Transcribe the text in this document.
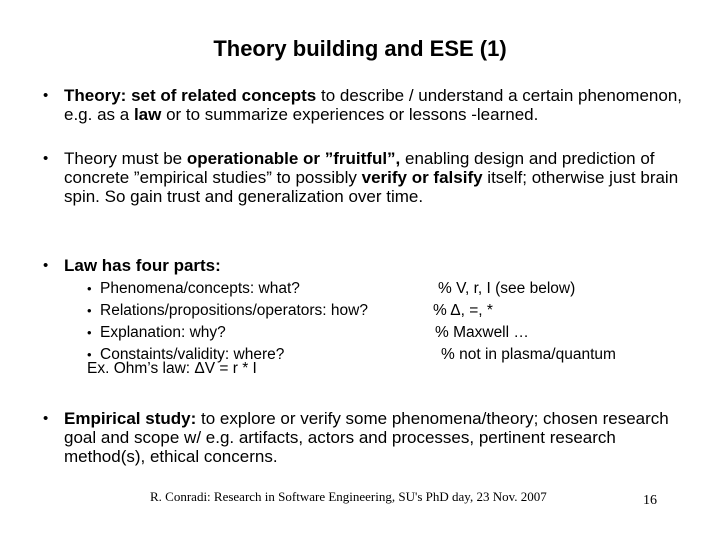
Theory building and ESE (1)
• Theory: set of related concepts to describe / understand a certain phenomenon, e.g. as a law or to summarize experiences or lessons -learned.
• Theory must be operationable or ”fruitful”, enabling design and prediction of concrete ”empirical studies” to possibly verify or falsify itself; otherwise just brain spin. So gain trust and generalization over time.
• Law has four parts:
• Phenomena/concepts: what?	% V, r, I (see below)
• Relations/propositions/operators: how?	% Δ, =, *
• Explanation: why?	% Maxwell …
• Constaints/validity: where?	% not in plasma/quantum
Ex. Ohm’s law: ΔV = r * I
• Empirical study: to explore or verify some phenomena/theory; chosen research goal and scope w/ e.g. artifacts, actors and processes, pertinent research method(s), ethical concerns.
R. Conradi: Research in Software Engineering, SU's PhD day, 23 Nov. 2007	16
